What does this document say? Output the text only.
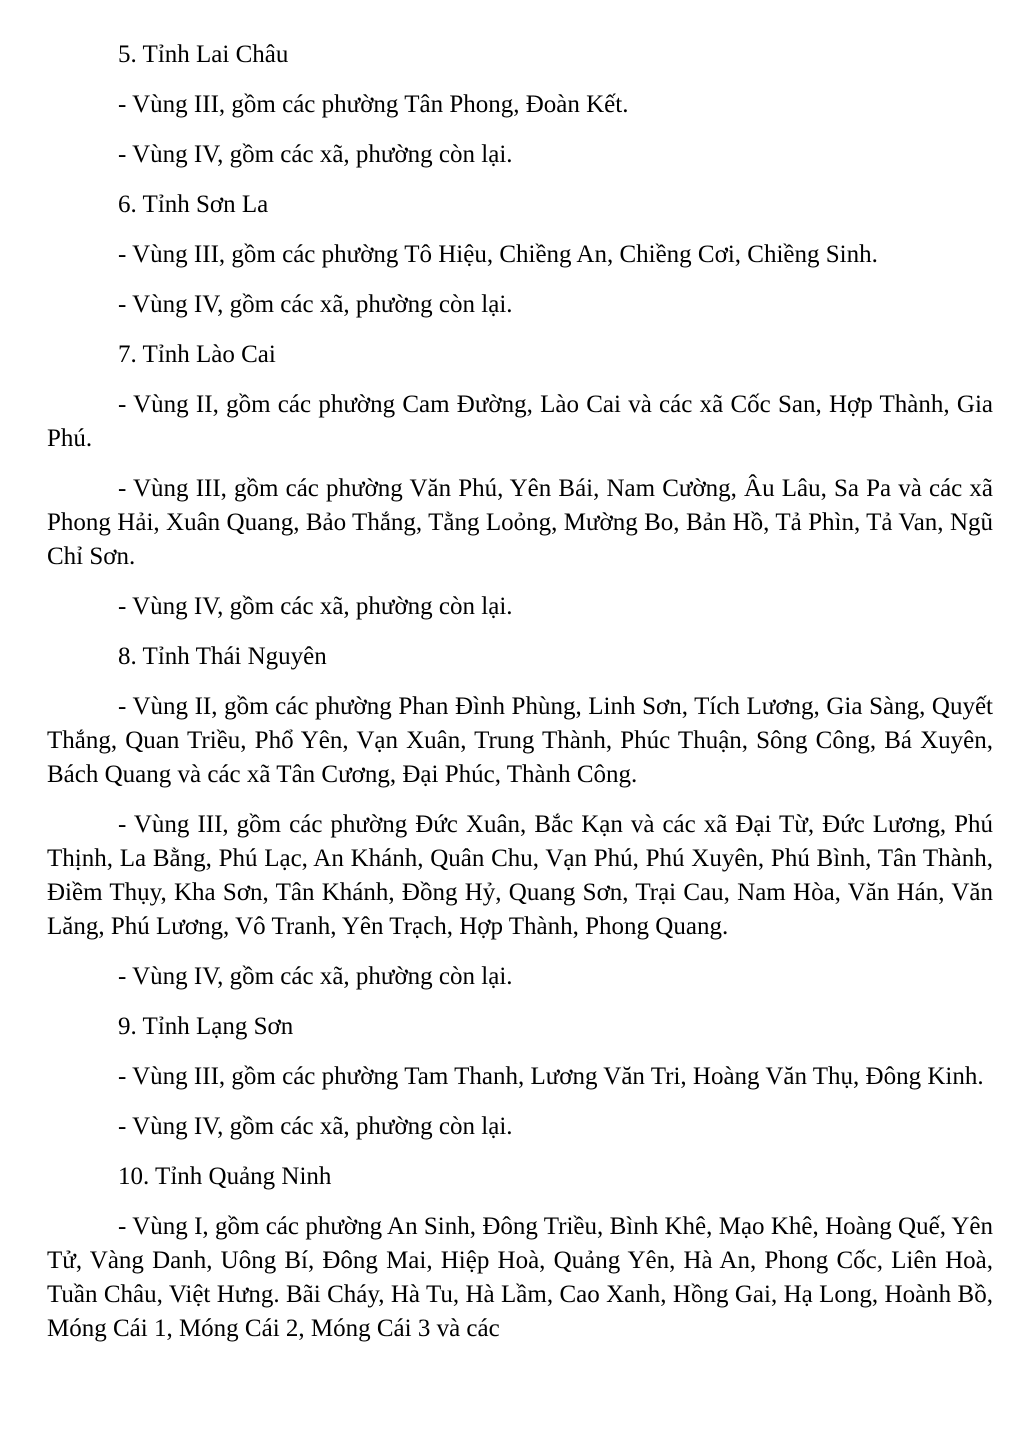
5. Tỉnh Lai Châu

- Vùng III, gồm các phường Tân Phong, Đoàn Kết.

- Vùng IV, gồm các xã, phường còn lại.

6. Tỉnh Sơn La

- Vùng III, gồm các phường Tô Hiệu, Chiềng An, Chiềng Cơi, Chiềng Sinh.

- Vùng IV, gồm các xã, phường còn lại.

7. Tỉnh Lào Cai

- Vùng II, gồm các phường Cam Đường, Lào Cai và các xã Cốc San, Hợp Thành, Gia Phú.

- Vùng III, gồm các phường Văn Phú, Yên Bái, Nam Cường, Âu Lâu, Sa Pa và các xã Phong Hải, Xuân Quang, Bảo Thắng, Tằng Loỏng, Mường Bo, Bản Hồ, Tả Phìn, Tả Van, Ngũ Chỉ Sơn.

- Vùng IV, gồm các xã, phường còn lại.

8. Tỉnh Thái Nguyên

- Vùng II, gồm các phường Phan Đình Phùng, Linh Sơn, Tích Lương, Gia Sàng, Quyết Thắng, Quan Triều, Phổ Yên, Vạn Xuân, Trung Thành, Phúc Thuận, Sông Công, Bá Xuyên, Bách Quang và các xã Tân Cương, Đại Phúc, Thành Công.

- Vùng III, gồm các phường Đức Xuân, Bắc Kạn và các xã Đại Từ, Đức Lương, Phú Thịnh, La Bằng, Phú Lạc, An Khánh, Quân Chu, Vạn Phú, Phú Xuyên, Phú Bình, Tân Thành, Điềm Thụy, Kha Sơn, Tân Khánh, Đồng Hỷ, Quang Sơn, Trại Cau, Nam Hòa, Văn Hán, Văn Lăng, Phú Lương, Vô Tranh, Yên Trạch, Hợp Thành, Phong Quang.

- Vùng IV, gồm các xã, phường còn lại.

9. Tỉnh Lạng Sơn

- Vùng III, gồm các phường Tam Thanh, Lương Văn Tri, Hoàng Văn Thụ, Đông Kinh.

- Vùng IV, gồm các xã, phường còn lại.

10. Tỉnh Quảng Ninh

- Vùng I, gồm các phường An Sinh, Đông Triều, Bình Khê, Mạo Khê, Hoàng Quế, Yên Tử, Vàng Danh, Uông Bí, Đông Mai, Hiệp Hoà, Quảng Yên, Hà An, Phong Cốc, Liên Hoà, Tuần Châu, Việt Hưng. Bãi Cháy, Hà Tu, Hà Lầm, Cao Xanh, Hồng Gai, Hạ Long, Hoành Bồ, Móng Cái 1, Móng Cái 2, Móng Cái 3 và các
